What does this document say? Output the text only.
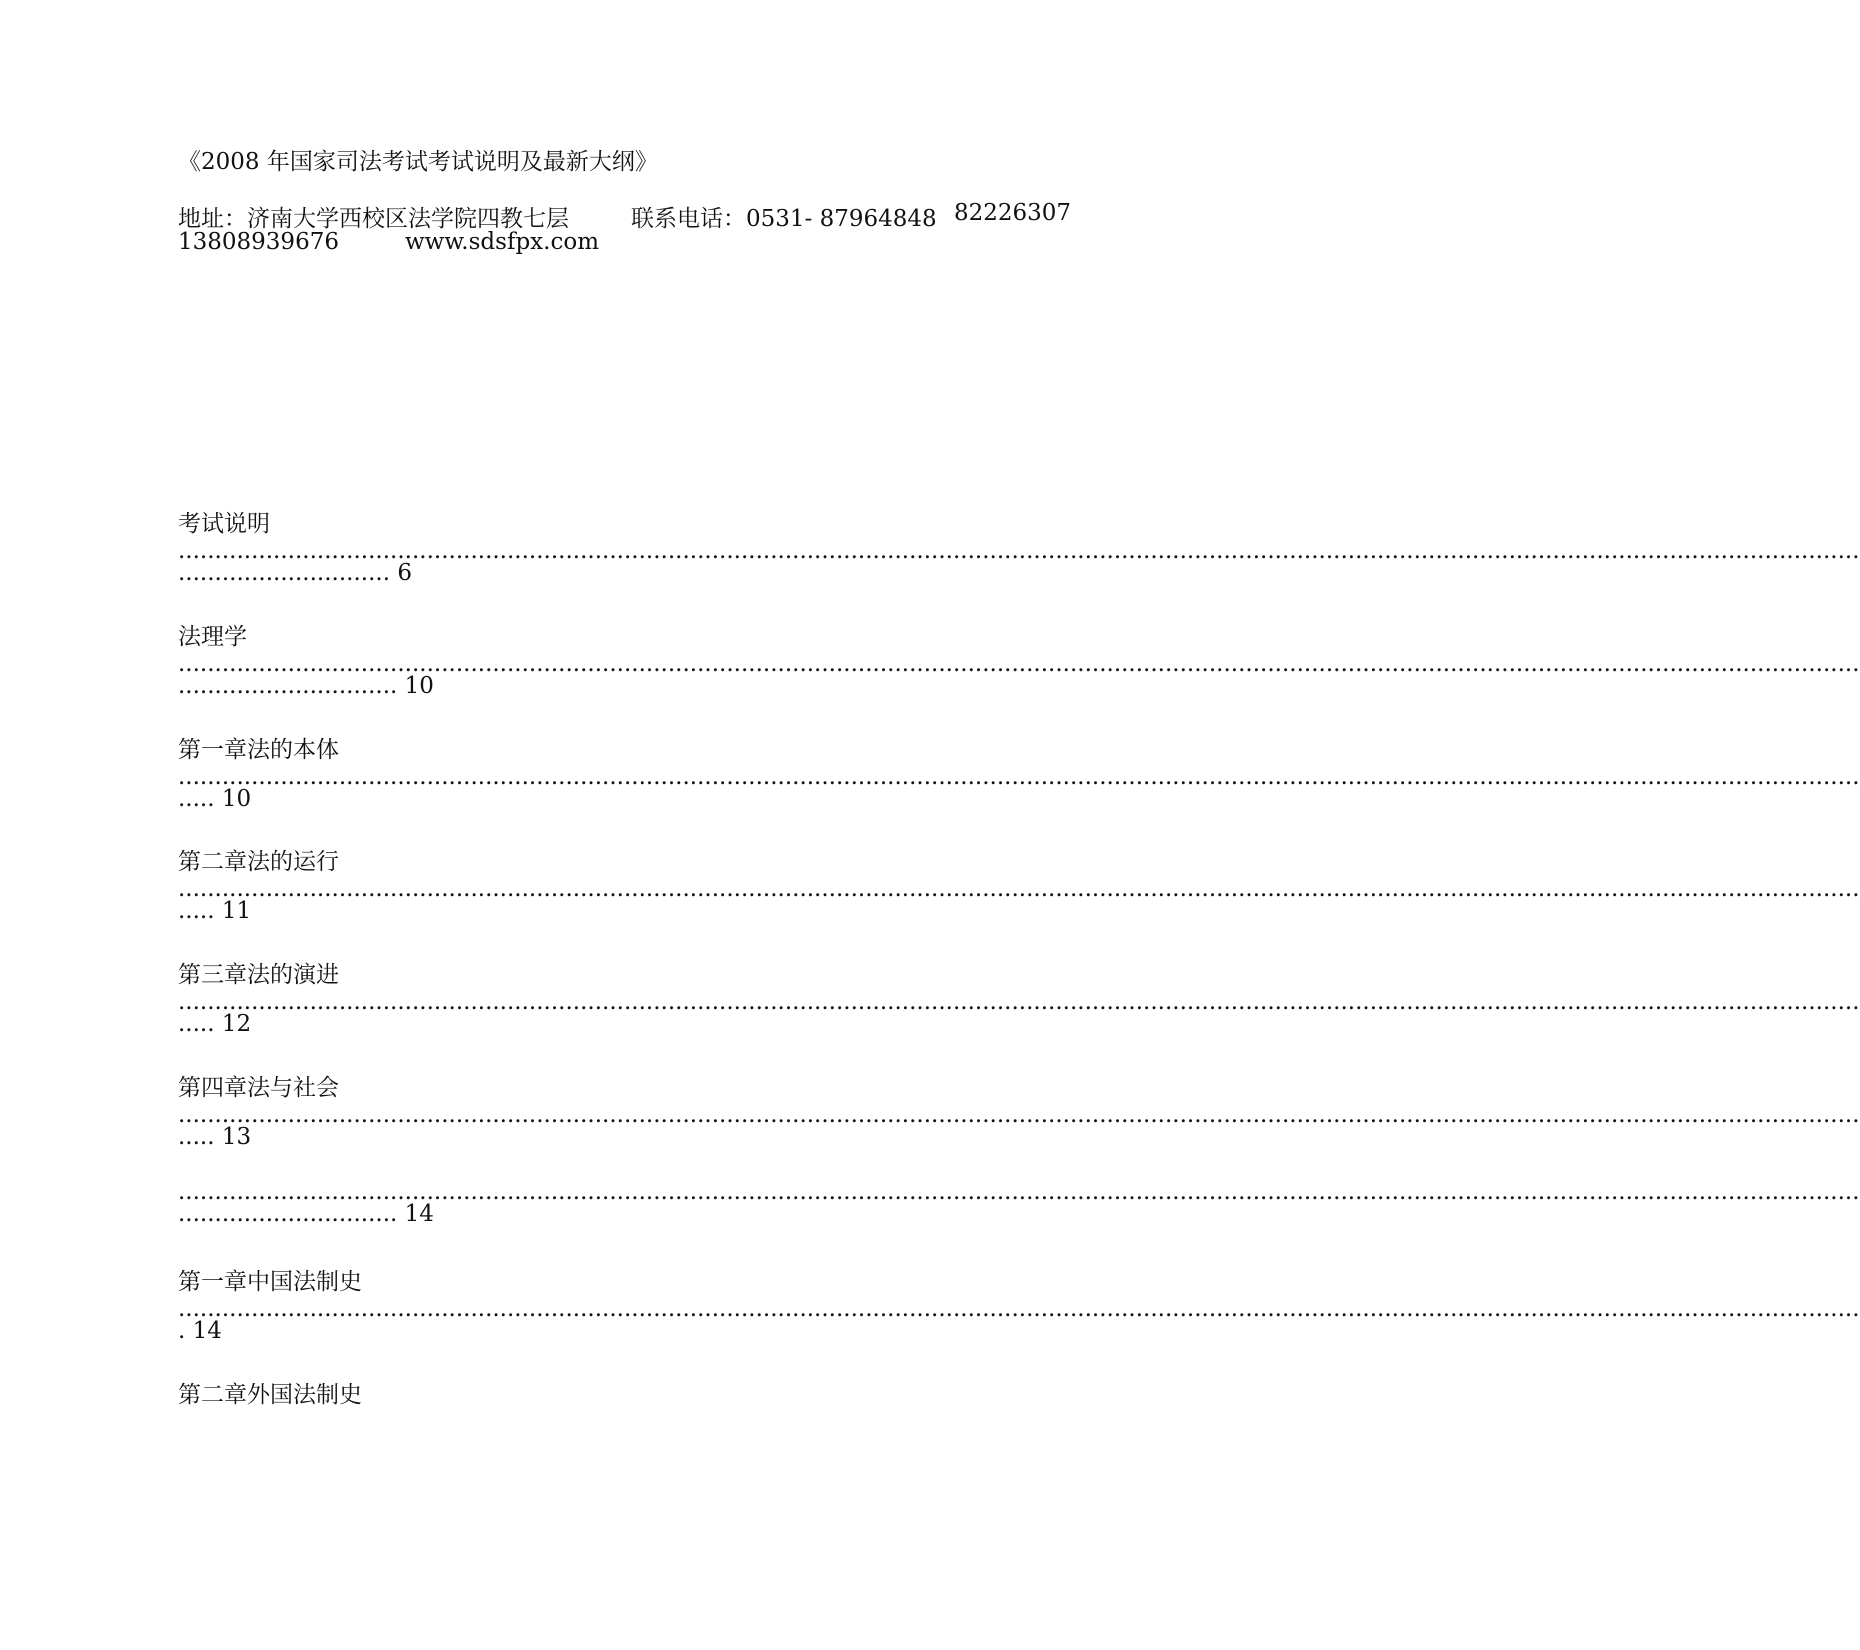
《2008 年国家司法考试考试说明及最新大纲》
地址：济南大学西校区法学院四教七层	联系电话：0531- 87964848 82226307
13808939676	www.sdsfpx.com
考试说明
......................................................................................................................................................................................................................................
............................. 6
法理学
......................................................................................................................................................................................................................................
.............................. 10
第一章法的本体
......................................................................................................................................................................................................................................
..... 10
第二章法的运行
......................................................................................................................................................................................................................................
..... 11
第三章法的演进
......................................................................................................................................................................................................................................
..... 12
第四章法与社会
......................................................................................................................................................................................................................................
..... 13
......................................................................................................................................................................................................................................
.............................. 14
第一章中国法制史
......................................................................................................................................................................................................................................
. 14
第二章外国法制史
